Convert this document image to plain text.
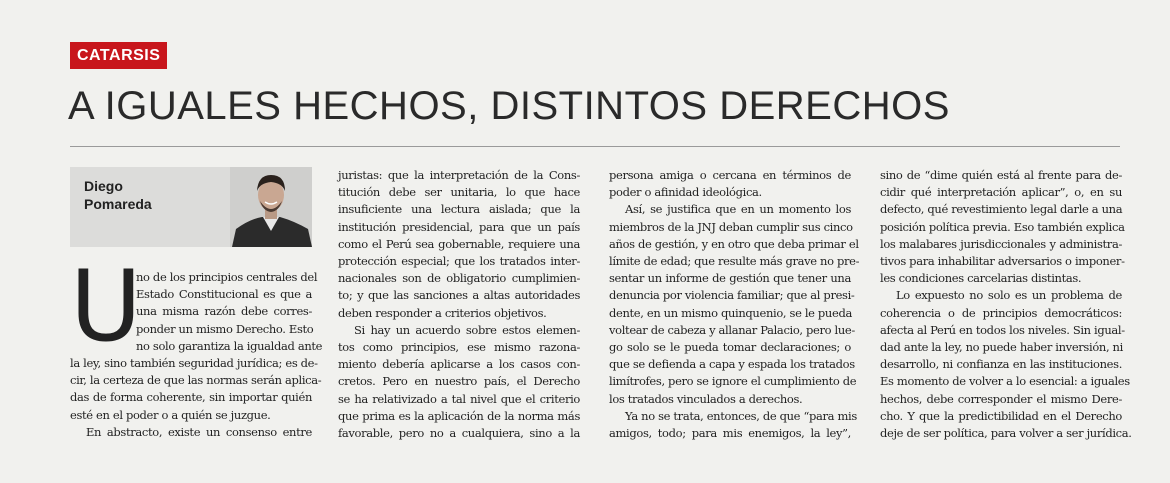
CATARSIS
A IGUALES HECHOS, DISTINTOS DERECHOS
Diego
Pomareda
U

no de los principios centrales del
Estado Constitucional es que a
una misma razón debe corres-
ponder un mismo Derecho. Esto
no solo garantiza la igualdad ante
la ley, sino también seguridad jurídica; es de-
cir, la certeza de que las normas serán aplica-
das de forma coherente, sin importar quién
esté en el poder o a quién se juzgue.

En abstracto, existe un consenso entre

juristas: que la interpretación de la Cons-
titución debe ser unitaria, lo que hace
insuficiente una lectura aislada; que la
institución presidencial, para que un país
como el Perú sea gobernable, requiere una
protección especial; que los tratados inter-
nacionales son de obligatorio cumplimien-
to; y que las sanciones a altas autoridades
deben responder a criterios objetivos.

Si hay un acuerdo sobre estos elemen-
tos como principios, ese mismo razona-
miento debería aplicarse a los casos con-
cretos. Pero en nuestro país, el Derecho
se ha relativizado a tal nivel que el criterio
que prima es la aplicación de la norma más
favorable, pero no a cualquiera, sino a la

persona amiga o cercana en términos de
poder o afinidad ideológica.

Así, se justifica que en un momento los
miembros de la JNJ deban cumplir sus cinco
años de gestión, y en otro que deba primar el
límite de edad; que resulte más grave no pre-
sentar un informe de gestión que tener una
denuncia por violencia familiar; que al presi-
dente, en un mismo quinquenio, se le pueda
voltear de cabeza y allanar Palacio, pero lue-
go solo se le pueda tomar declaraciones; o
que se defienda a capa y espada los tratados
limítrofes, pero se ignore el cumplimiento de
los tratados vinculados a derechos.

Ya no se trata, entonces, de que “para mis
amigos, todo; para mis enemigos, la ley”,

sino de “dime quién está al frente para de-
cidir qué interpretación aplicar”, o, en su
defecto, qué revestimiento legal darle a una
posición política previa. Eso también explica
los malabares jurisdiccionales y administra-
tivos para inhabilitar adversarios o imponer-
les condiciones carcelarias distintas.

Lo expuesto no solo es un problema de
coherencia o de principios democráticos:
afecta al Perú en todos los niveles. Sin igual-
dad ante la ley, no puede haber inversión, ni
desarrollo, ni confianza en las instituciones.
Es momento de volver a lo esencial: a iguales
hechos, debe corresponder el mismo Dere-
cho. Y que la predictibilidad en el Derecho
deje de ser política, para volver a ser jurídica.
